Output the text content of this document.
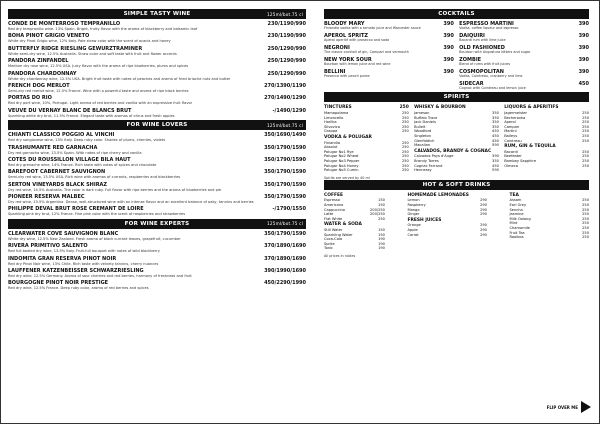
SIMPLE TASTY WINE	125ml/bot.75 cl
CONDE DE MONTERROSO TEMPRANILLO	230/1190/990
Red dry tempranillo wine. 13% Spain. Bright, fruity flavor with the aroma of blackberry and balsamic leaf
BOHA PINOT GRIGIO VENETO	230/1190/990
White dry Pinot Grigio wine, 12% Italy. Pale straw color with the scent of acacia and honey
BUTTERFLY RIDGE RIESLING GEWURZTRAMINER	250/1290/990
White semi-dry wine, 12.5% Australia. Straw color and soft taste with fruit and flower accents
PANDORA ZINFANDEL	250/1290/990
Medium dry rose wine, 12.5% USA. Juicy flavor with the aroma of ripe blueberries, plums and spices
PANDORA CHARDONNAY	250/1290/990
White dry chardonnay wine, 12.5% USA. Bright fruit taste with notes of peaches and aroma of fried brioche nuts and butter
FRENCH DOG MERLOT	270/1390/1190
Semi-dry red merlot wine, 12.5% France. Wine with a powerful taste and aroma of ripe black berries
PORTAS DO RIO	270/1490/1290
Red dry port wine, 10%, Portugal. Light aroma of red berries and vanilla with an expressive fruit flavor
VEUVE DU VERNAY BLANC DE BLANCS BRUT	-/1490/1290
Sparkling white dry brut, 11.5% France. Elegant taste with aromas of citrus and fresh apples
FOR WINE LOVERS	125ml/bot.75 cl
CHIANTI CLASSICO POGGIO AL VINCHI	350/1690/1490
Red dry sangiovese wine, 13% Italy. Deep ruby color. Shades of plums, cherries, violets
TRASHUMANTE RED GARNACHA	350/1790/1590
Dry red garnacha wine, 13.5% Spain. With notes of ripe cherry and vanilla
COTES DU ROUSSILLON VILLAGE BILA HAUT	350/1790/1590
Red dry grenache wine, 14% France. Rich taste with notes of spices and chocolate
BAREFOOT CABERNET SAUVIGNON	350/1790/1590
Semi-dry red wine, 13.5% USA. Rich wine with aromas of currants, raspberries and blackberries
SERTON VINEYARDS BLACK SHIRAZ	350/1790/1590
Dry red wine, 14.5% Australia. The color is dark ruby. Full flavor with ripe berries and the aroma of blueberries and pie
PIONEER RESERVA MALBEC	350/1790/1590
Dry red wine, 13.5% Argentina. Dense, well-structured wine with an intense flavor and an excellent balance of oaky, tannins and berries
PHILIPPE DEVAL BRUT ROSE CREMANT DE LOIRE	-/1790/1550
Sparkling pink dry brut, 12% France. Fine pink color with the scent of raspberries and strawberries
FOR WINE EXPERTS	125ml/bot.75 cl
CLEARWATER COVE SAUVIGNON BLANC	350/1790/1590
White dry wine, 12.5% New Zealand. Fresh aroma of black currant leaves, grapefruit, cucumber
RIVERA PRIMITIVO SALENTO	370/1890/1690
Red full bodied dry wine, 13.5% Italy. Fruit-full bouquet with notes of wild blackberry
INDOMITA GRAN RESERVA PINOT NOIR	370/1890/1690
Red dry Pinot Noir wine, 13% Chile. Rich taste with velvety tannins, cherry nuances
LAUFFENER KATZENBEISSER SCHWARZRIESLING	390/1990/1690
Red dry wine, 12.5% Germany. Aroma of sour cherries and red berries, harmony of freshness and fruit
BOURGOGNE PINOT NOIR PRESTIGE	450/2290/1990
Red dry wine, 12.5% France. Deep ruby color, aroma of red berries and spices
COCKTAILS
BLOODY MARY	390
Finlandia vodka with a tomato juice and Worcester sauce
APEROL SPRITZ	390
Aperol aperitif with prosecco and soda
NEGRONI	390
The classic cocktail of gin, Campari and vermouth
NEW YORK SOUR	390
Bourbon with lemon juice and red wine
BELLINI	390
Prosecco with peach puree
ESPRESSO MARTINI	390
Vodka, coffee liqueur and espresso
DAIQUIRI	390
Bacardi rum with lime juice
OLD FASHIONED	390
Bourbon with Angostura bitters and sugar
ZOMBIE	390
Blend of rums with fruit juices
COSMOPOLITAN	390
Vodka, Cointreau, cranberry and lime
SIDECAR	450
Cognac with Cointreau and lemon juice
SPIRITS
TINCTURES	250
Mamapolama	250
Limoncello	250
Horilka	250
Slivovica	250
Grappa	250
VODKA & POLUGAR
Finlandia	250
Absolut	250
Polugar No1 Rye	250
Polugar No2 Wheat	250
Polugar No3 Pepper	250
Polugar No4 Honey	250
Polugar No5 Cumin	250
WHISKY & BOURBON
Jameson	350
Buffalo Trace	350
Jack Daniels	350
Bulleit	350
Woodford	450
Singleton	450
Glenfiddich	450
Macallan	590
CALVADOS, BRANDY & COGNAC
Calvados Pays d'Auge	390
Brandy Torres	350
Cognac Ferrand	450
Hennessy	590
LIQUORS & APERITIFS
Jagermeister	250
Becherovka	250
Aperol	250
Campari	250
Martini	250
Baileys	250
Cointreau	250
RUM, GIN & TEQUILA
Bacardi	250
Beefeater	250
Bombay Sapphire	250
Olmeca	250
Spirits are served by 40 ml
HOT & SOFT DRINKS
COFFEE
Espresso	150
Americano	150
Cappuccino	200/250
Latte	200/250
Flat White	250
WATER & SODA
Still Water	150
Sparkling Water	150
Coca-Cola	190
Sprite	190
Tonic	190
HOMEMADE LEMONADES
Lemon	290
Raspberry	290
Mango	290
Ginger	290
FRESH JUICES
Orange	290
Apple	290
Carrot	290
TEA
Assam	250
Earl Grey	250
Sencha	250
Jasmine	250
Milk Oolong	250
Mint	250
Chamomile	250
Fruit Tea	250
Rooibos	250
All prices in rubles
FLIP OVER ME
